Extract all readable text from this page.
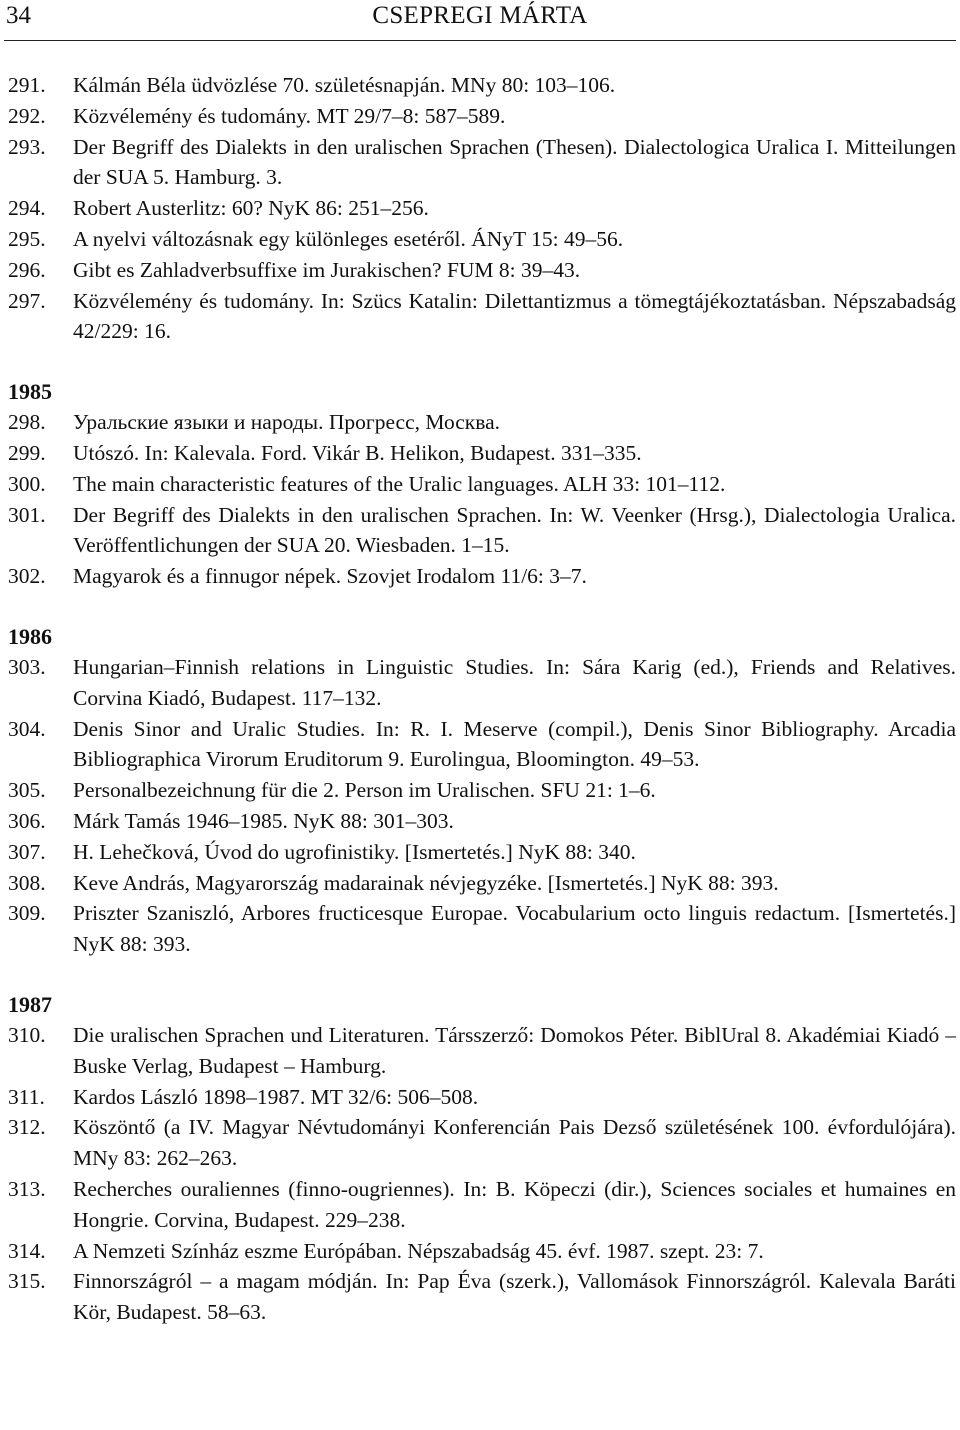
34	CSEPREGI MÁRTA
291.	Kálmán Béla üdvözlése 70. születésnapján. MNy 80: 103–106.
292.	Közvélemény és tudomány. MT 29/7–8: 587–589.
293.	Der Begriff des Dialekts in den uralischen Sprachen (Thesen). Dialectologica Uralica I. Mitteilungen der SUA 5. Hamburg. 3.
294.	Robert Austerlitz: 60? NyK 86: 251–256.
295.	A nyelvi változásnak egy különleges esetéről. ÁNyT 15: 49–56.
296.	Gibt es Zahladverbsuffixe im Jurakischen? FUM 8: 39–43.
297.	Közvélemény és tudomány. In: Szücs Katalin: Dilettantizmus a tömegtájékoztatásban. Népszabadság 42/229: 16.

1985

298.	Уральские языки и народы. Прогресс, Москва.
299.	Utószó. In: Kalevala. Ford. Vikár B. Helikon, Budapest. 331–335.
300.	The main characteristic features of the Uralic languages. ALH 33: 101–112.
301.	Der Begriff des Dialekts in den uralischen Sprachen. In: W. Veenker (Hrsg.), Dialectologia Uralica. Veröffentlichungen der SUA 20. Wiesbaden. 1–15.
302.	Magyarok és a finnugor népek. Szovjet Irodalom 11/6: 3–7.

1986

303.	Hungarian–Finnish relations in Linguistic Studies. In: Sára Karig (ed.), Friends and Relatives. Corvina Kiadó, Budapest. 117–132.
304.	Denis Sinor and Uralic Studies. In: R. I. Meserve (compil.), Denis Sinor Bibliography. Arcadia Bibliographica Virorum Eruditorum 9. Eurolingua, Bloomington. 49–53.
305.	Personalbezeichnung für die 2. Person im Uralischen. SFU 21: 1–6.
306.	Márk Tamás 1946–1985. NyK 88: 301–303.
307.	H. Lehečková, Úvod do ugrofinistiky. [Ismertetés.] NyK 88: 340.
308.	Keve András, Magyarország madarainak névjegyzéke. [Ismertetés.] NyK 88: 393.
309.	Priszter Szaniszló, Arbores fructicesque Europae. Vocabularium octo linguis redactum. [Ismertetés.] NyK 88: 393.

1987

310.	Die uralischen Sprachen und Literaturen. Társszerző: Domokos Péter. BiblUral 8. Akadémiai Kiadó – Buske Verlag, Budapest – Hamburg.
311.	Kardos László 1898–1987. MT 32/6: 506–508.
312.	Köszöntő (a IV. Magyar Névtudományi Konferencián Pais Dezső születésének 100. évfordulójára). MNy 83: 262–263.
313.	Recherches ouraliennes (finno-ougriennes). In: B. Köpeczi (dir.), Sciences sociales et humaines en Hongrie. Corvina, Budapest. 229–238.
314.	A Nemzeti Színház eszme Európában. Népszabadság 45. évf. 1987. szept. 23: 7.
315.	Finnországról – a magam módján. In: Pap Éva (szerk.), Vallomások Finnországról. Kalevala Baráti Kör, Budapest. 58–63.
